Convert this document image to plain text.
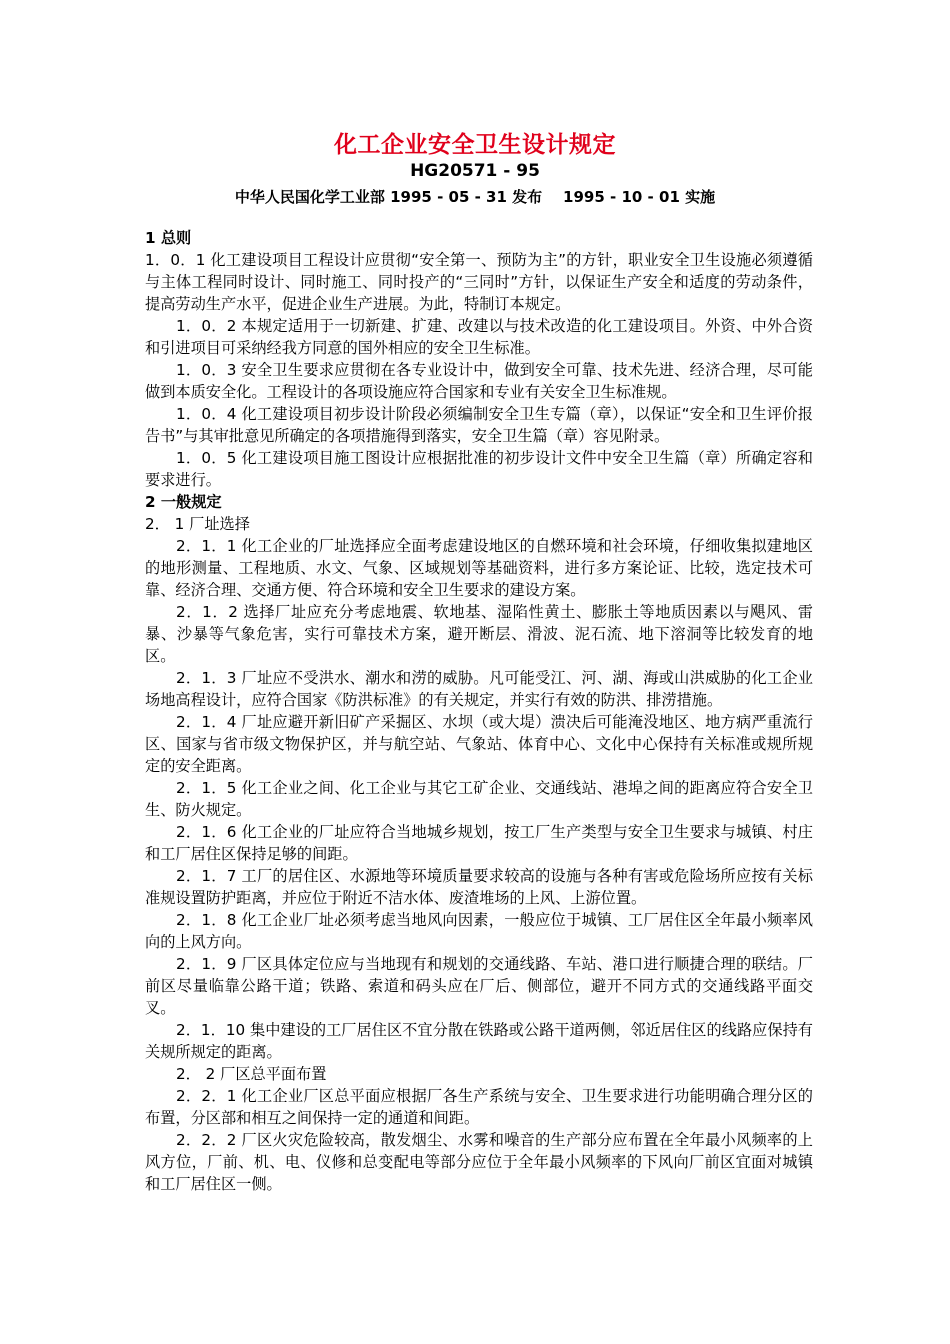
化工企业安全卫生设计规定
HG20571 - 95
中华人民国化学工业部 1995 - 05 - 31 发布    1995 - 10 - 01 实施

1 总则

1．0．1 化工建设项目工程设计应贯彻“安全第一、预防为主”的方针，职业安全卫生设施必须遵循与主体工程同时设计、同时施工、同时投产的“三同时”方针，以保证生产安全和适度的劳动条件，提高劳动生产水平，促进企业生产进展。为此，特制订本规定。

1．0．2 本规定适用于一切新建、扩建、改建以与技术改造的化工建设项目。外资、中外合资和引进项目可采纳经我方同意的国外相应的安全卫生标准。

1．0．3 安全卫生要求应贯彻在各专业设计中，做到安全可靠、技术先进、经济合理，尽可能做到本质安全化。工程设计的各项设施应符合国家和专业有关安全卫生标准规。

1．0．4 化工建设项目初步设计阶段必须编制安全卫生专篇（章），以保证“安全和卫生评价报告书”与其审批意见所确定的各项措施得到落实，安全卫生篇（章）容见附录。

1．0．5 化工建设项目施工图设计应根据批准的初步设计文件中安全卫生篇（章）所确定容和要求进行。

2 一般规定

2． 1 厂址选择

2．1．1 化工企业的厂址选择应全面考虑建设地区的自燃环境和社会环境，仔细收集拟建地区的地形测量、工程地质、水文、气象、区域规划等基础资料，进行多方案论证、比较，选定技术可靠、经济合理、交通方便、符合环境和安全卫生要求的建设方案。

2．1．2 选择厂址应充分考虑地震、软地基、湿陷性黄土、膨胀土等地质因素以与飓风、雷暴、沙暴等气象危害，实行可靠技术方案，避开断层、滑波、泥石流、地下溶洞等比较发育的地区。

2．1．3 厂址应不受洪水、潮水和涝的威胁。凡可能受江、河、湖、海或山洪威胁的化工企业场地高程设计，应符合国家《防洪标准》的有关规定，并实行有效的防洪、排涝措施。

2．1．4 厂址应避开新旧矿产采掘区、水坝（或大堤）溃决后可能淹没地区、地方病严重流行区、国家与省市级文物保护区，并与航空站、气象站、体育中心、文化中心保持有关标准或规所规定的安全距离。

2．1．5 化工企业之间、化工企业与其它工矿企业、交通线站、港埠之间的距离应符合安全卫生、防火规定。

2．1．6 化工企业的厂址应符合当地城乡规划，按工厂生产类型与安全卫生要求与城镇、村庄和工厂居住区保持足够的间距。

2．1．7 工厂的居住区、水源地等环境质量要求较高的设施与各种有害或危险场所应按有关标准规设置防护距离，并应位于附近不洁水体、废渣堆场的上风、上游位置。

2．1．8 化工企业厂址必须考虑当地风向因素，一般应位于城镇、工厂居住区全年最小频率风向的上风方向。

2．1．9 厂区具体定位应与当地现有和规划的交通线路、车站、港口进行顺捷合理的联结。厂前区尽量临靠公路干道；铁路、索道和码头应在厂后、侧部位，避开不同方式的交通线路平面交叉。

2．1．10 集中建设的工厂居住区不宜分散在铁路或公路干道两侧，邻近居住区的线路应保持有关规所规定的距离。

2． 2 厂区总平面布置

2．2．1 化工企业厂区总平面应根据厂各生产系统与安全、卫生要求进行功能明确合理分区的布置，分区部和相互之间保持一定的通道和间距。

2．2．2 厂区火灾危险较高，散发烟尘、水雾和噪音的生产部分应布置在全年最小风频率的上风方位，厂前、机、电、仪修和总变配电等部分应位于全年最小风频率的下风向厂前区宜面对城镇和工厂居住区一侧。
